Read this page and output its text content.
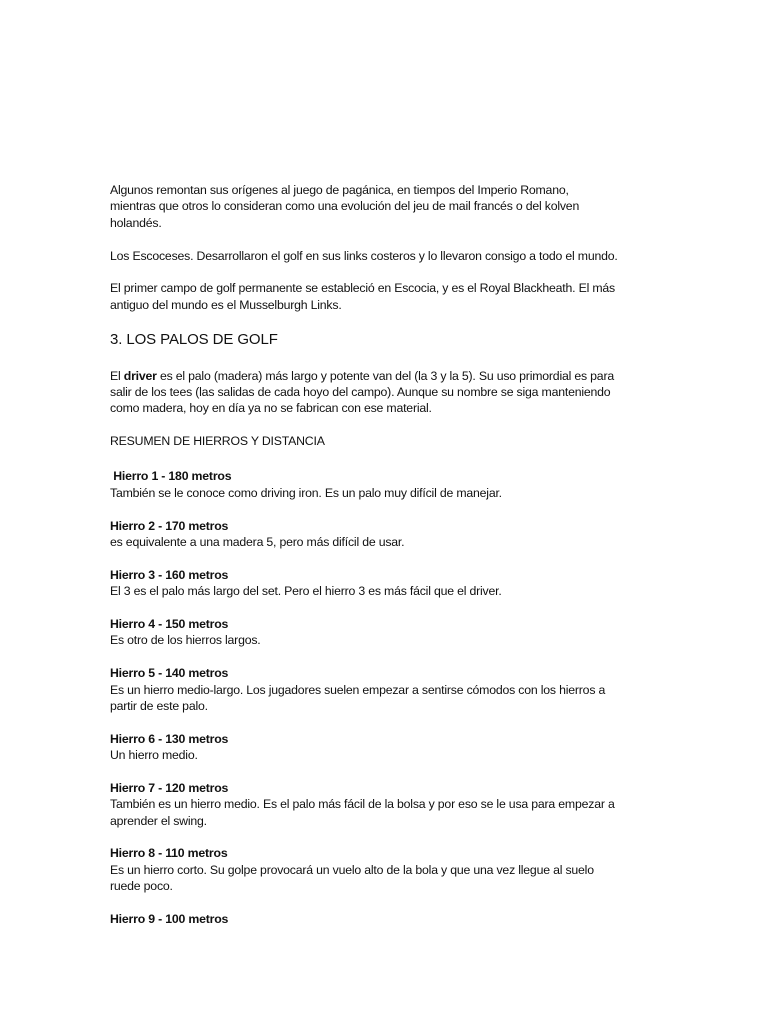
Algunos remontan sus orígenes al juego de pagánica, en tiempos del Imperio Romano,
mientras que otros lo consideran como una evolución del jeu de mail francés o del kolven
holandés.
Los Escoceses. Desarrollaron el golf en sus links costeros y lo llevaron consigo a todo el mundo.
El primer campo de golf permanente se estableció en Escocia, y es el Royal Blackheath. El más
antiguo del mundo es el Musselburgh Links.
3. LOS PALOS DE GOLF
El driver es el palo (madera) más largo y potente van del (la 3 y la 5). Su uso primordial es para
salir de los tees (las salidas de cada hoyo del campo). Aunque su nombre se siga manteniendo
como madera, hoy en día ya no se fabrican con ese material.
RESUMEN DE HIERROS Y DISTANCIA
Hierro 1 - 180 metros
También se le conoce como driving iron. Es un palo muy difícil de manejar.
Hierro 2 - 170 metros
es equivalente a una madera 5, pero más difícil de usar.
Hierro 3 - 160 metros
El 3 es el palo más largo del set. Pero el hierro 3 es más fácil que el driver.
Hierro 4 - 150 metros
Es otro de los hierros largos.
Hierro 5 - 140 metros
Es un hierro medio-largo. Los jugadores suelen empezar a sentirse cómodos con los hierros a
partir de este palo.
Hierro 6 - 130 metros
Un hierro medio.
Hierro 7 - 120 metros
También es un hierro medio. Es el palo más fácil de la bolsa y por eso se le usa para empezar a
aprender el swing.
Hierro 8 - 110 metros
Es un hierro corto. Su golpe provocará un vuelo alto de la bola y que una vez llegue al suelo
ruede poco.
Hierro 9 - 100 metros
